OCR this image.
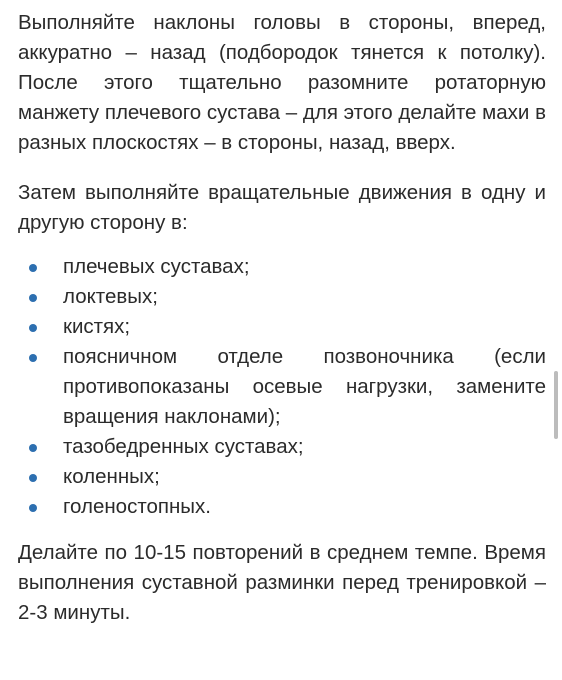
Выполняйте наклоны головы в стороны, вперед, аккуратно – назад (подбородок тянется к потолку). После этого тщательно разомните ротаторную манжету плечевого сустава – для этого делайте махи в разных плоскостях – в стороны, назад, вверх.

Затем выполняйте вращательные движения в одну и другую сторону в:

плечевых суставах;
локтевых;
кистях;
поясничном отделе позвоночника (если противопоказаны осевые нагрузки, замените вращения наклонами);
тазобедренных суставах;
коленных;
голеностопных.

Делайте по 10-15 повторений в среднем темпе. Время выполнения суставной разминки перед тренировкой – 2-3 минуты.
